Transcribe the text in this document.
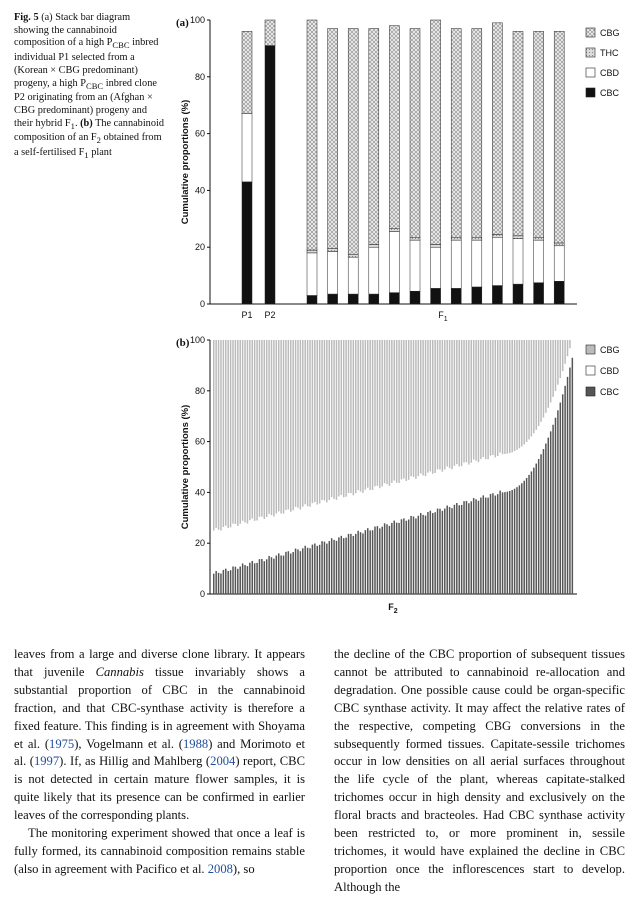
Fig. 5 (a) Stack bar diagram showing the cannabinoid composition of a high $P_{CBC}$ inbred individual P1 selected from a (Korean × CBG predominant) progeny, a high $P_{CBC}$ inbred clone P2 originating from an (Afghan × CBG predominant) progeny and their hybrid $F_1$. (b) The cannabinoid composition of an $F_2$ obtained from a self-fertilised $F_1$ plant

(a)
Cumulative proportions (%)
0
20
40
60
80
100
P1 P2	$F_1$
CBG
THC
CBD
CBC
(b)
Cumulative proportions (%)
0
20
40
60
80
100
$F_2$
CBG
CBD
CBC

leaves from a large and diverse clone library. It appears that juvenile Cannabis tissue invariably shows a substantial proportion of CBC in the cannabinoid fraction, and that CBC-synthase activity is therefore a fixed feature. This finding is in agreement with Shoyama et al. (1975), Vogelmann et al. (1988) and Morimoto et al. (1997). If, as Hillig and Mahlberg (2004) report, CBC is not detected in certain mature flower samples, it is quite likely that its presence can be confirmed in earlier leaves of the corresponding plants.

The monitoring experiment showed that once a leaf is fully formed, its cannabinoid composition remains stable (also in agreement with Pacifico et al. 2008), so

the decline of the CBC proportion of subsequent tissues cannot be attributed to cannabinoid re-allocation and degradation. One possible cause could be organ-specific CBC synthase activity. It may affect the relative rates of the respective, competing CBG conversions in the subsequently formed tissues. Capitate-sessile trichomes occur in low densities on all aerial surfaces throughout the life cycle of the plant, whereas capitate-stalked trichomes occur in high density and exclusively on the floral bracts and bracteoles. Had CBC synthase activity been restricted to, or more prominent in, sessile trichomes, it would have explained the decline in CBC proportion once the inflorescences start to develop. Although the
